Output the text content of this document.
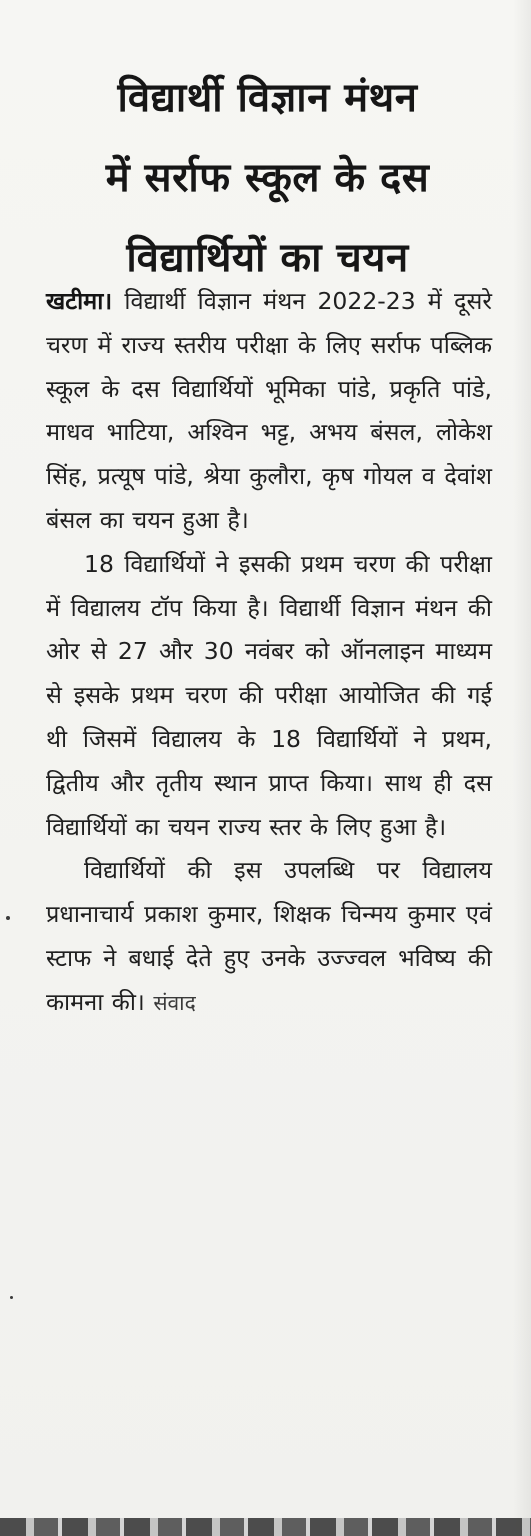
विद्यार्थी विज्ञान मंथन
में सर्राफ स्कूल के दस
विद्यार्थियों का चयन

खटीमा। विद्यार्थी विज्ञान मंथन 2022-23 में दूसरे चरण में राज्य स्तरीय परीक्षा के लिए सर्राफ पब्लिक स्कूल के दस विद्यार्थियों भूमिका पांडे, प्रकृति पांडे, माधव भाटिया, अश्विन भट्ट, अभय बंसल, लोकेश सिंह, प्रत्यूष पांडे, श्रेया कुलौरा, कृष गोयल व देवांश बंसल का चयन हुआ है।

18 विद्यार्थियों ने इसकी प्रथम चरण की परीक्षा में विद्यालय टॉप किया है। विद्यार्थी विज्ञान मंथन की ओर से 27 और 30 नवंबर को ऑनलाइन माध्यम से इसके प्रथम चरण की परीक्षा आयोजित की गई थी जिसमें विद्यालय के 18 विद्यार्थियों ने प्रथम, द्वितीय और तृतीय स्थान प्राप्त किया। साथ ही दस विद्यार्थियों का चयन राज्य स्तर के लिए हुआ है।

विद्यार्थियों की इस उपलब्धि पर विद्यालय प्रधानाचार्य प्रकाश कुमार, शिक्षक चिन्मय कुमार एवं स्टाफ ने बधाई देते हुए उनके उज्ज्वल भविष्य की कामना की। संवाद
